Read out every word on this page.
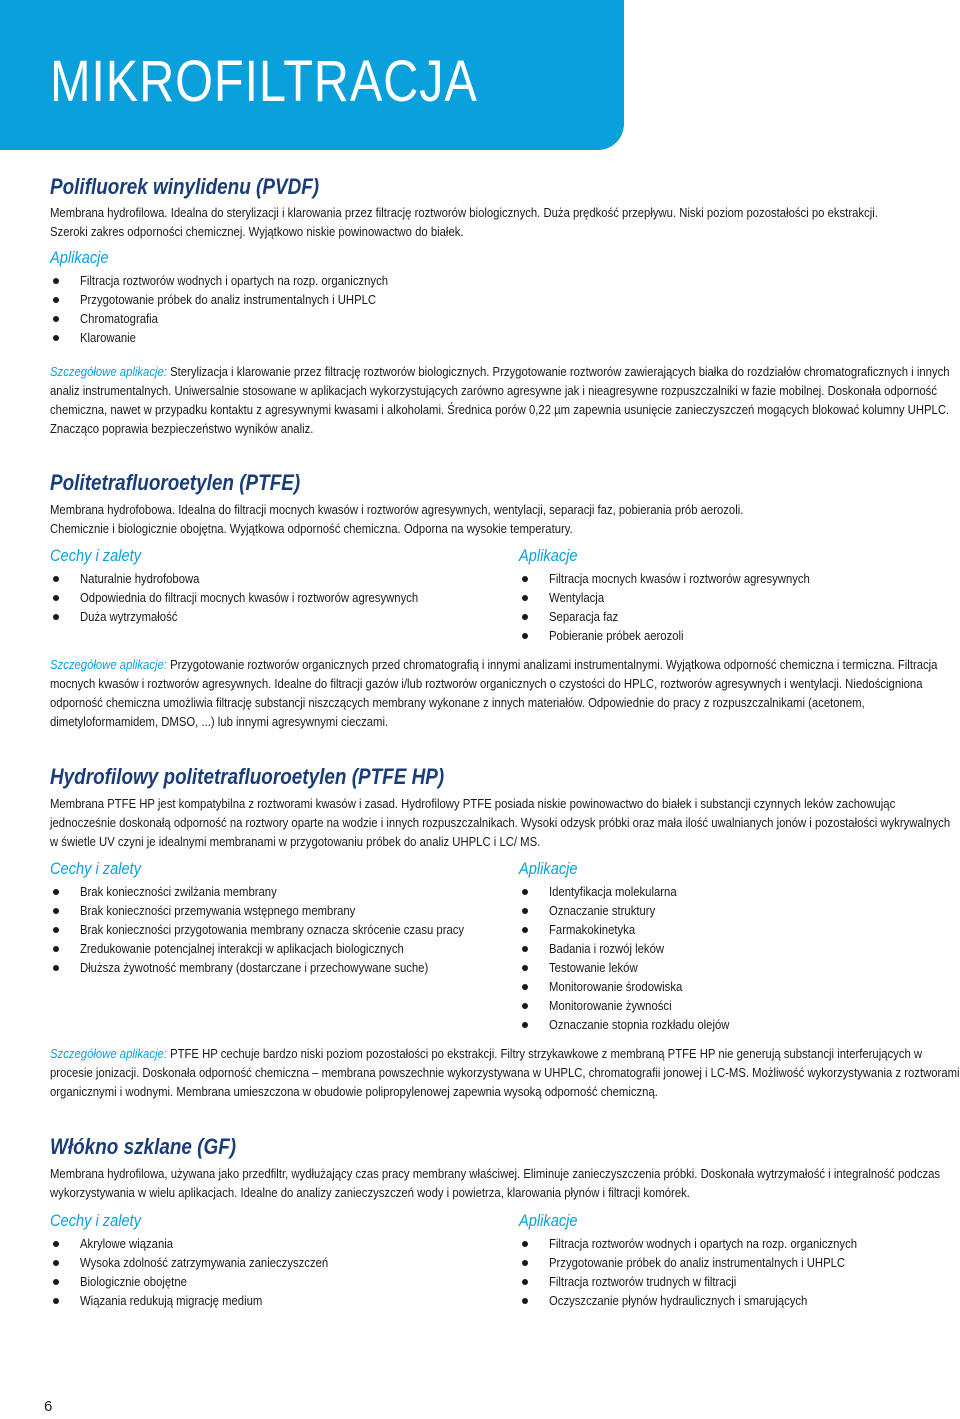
MIKROFILTRACJA
Polifluorek winylidenu (PVDF)
Membrana hydrofilowa. Idealna do sterylizacji i klarowania przez filtrację roztworów biologicznych. Duża prędkość przepływu. Niski poziom pozostałości po ekstrakcji.
Szeroki zakres odporności chemicznej. Wyjątkowo niskie powinowactwo do białek.
Aplikacje
Filtracja roztworów wodnych i opartych na rozp. organicznych
Przygotowanie próbek do analiz instrumentalnych i UHPLC
Chromatografia
Klarowanie
Szczegółowe aplikacje: Sterylizacja i klarowanie przez filtrację roztworów biologicznych. Przygotowanie roztworów zawierających białka do rozdziałów chromatograficznych i innych analiz instrumentalnych. Uniwersalnie stosowane w aplikacjach wykorzystujących zarówno agresywne jak i nieagresywne rozpuszczalniki w fazie mobilnej. Doskonała odporność chemiczna, nawet w przypadku kontaktu z agresywnymi kwasami i alkoholami. Średnica porów 0,22 µm zapewnia usunięcie zanieczyszczeń mogących blokować kolumny UHPLC. Znacząco poprawia bezpieczeństwo wyników analiz.
Politetrafluoroetylen (PTFE)
Membrana hydrofobowa. Idealna do filtracji mocnych kwasów i roztworów agresywnych, wentylacji, separacji faz, pobierania prób aerozoli.
Chemicznie i biologicznie obojętna. Wyjątkowa odporność chemiczna. Odporna na wysokie temperatury.
Cechy i zalety
Naturalnie hydrofobowa
Odpowiednia do filtracji mocnych kwasów i roztworów agresywnych
Duża wytrzymałość
Aplikacje
Filtracja mocnych kwasów i roztworów agresywnych
Wentylacja
Separacja faz
Pobieranie próbek aerozoli
Szczegółowe aplikacje: Przygotowanie roztworów organicznych przed chromatografią i innymi analizami instrumentalnymi. Wyjątkowa odporność chemiczna i termiczna. Filtracja mocnych kwasów i roztworów agresywnych. Idealne do filtracji gazów i/lub roztworów organicznych o czystości do HPLC, roztworów agresywnych i wentylacji. Niedościgniona odporność chemiczna umożliwia filtrację substancji niszczących membrany wykonane z innych materiałów. Odpowiednie do pracy z rozpuszczalnikami (acetonem, dimetyloformamidem, DMSO, ...) lub innymi agresywnymi cieczami.
Hydrofilowy politetrafluoroetylen (PTFE HP)
Membrana PTFE HP jest kompatybilna z roztworami kwasów i zasad. Hydrofilowy PTFE posiada niskie powinowactwo do białek i substancji czynnych leków zachowując jednocześnie doskonałą odporność na roztwory oparte na wodzie i innych rozpuszczalnikach. Wysoki odzysk próbki oraz mała ilość uwalnianych jonów i pozostałości wykrywalnych w świetle UV czyni je idealnymi membranami w przygotowaniu próbek do analiz UHPLC i LC/ MS.
Cechy i zalety
Brak konieczności zwilżania membrany
Brak konieczności przemywania wstępnego membrany
Brak konieczności przygotowania membrany oznacza skrócenie czasu pracy
Zredukowanie potencjalnej interakcji w aplikacjach biologicznych
Dłuższa żywotność membrany (dostarczane i przechowywane suche)
Aplikacje
Identyfikacja molekularna
Oznaczanie struktury
Farmakokinetyka
Badania i rozwój leków
Testowanie leków
Monitorowanie środowiska
Monitorowanie żywności
Oznaczanie stopnia rozkładu olejów
Szczegółowe aplikacje: PTFE HP cechuje bardzo niski poziom pozostałości po ekstrakcji. Filtry strzykawkowe z membraną PTFE HP nie generują substancji interferujących w procesie jonizacji. Doskonała odporność chemiczna – membrana powszechnie wykorzystywana w UHPLC, chromatografii jonowej i LC-MS. Możliwość wykorzystywania z roztworami organicznymi i wodnymi. Membrana umieszczona w obudowie polipropylenowej zapewnia wysoką odporność chemiczną.
Włókno szklane (GF)
Membrana hydrofilowa, używana jako przedfiltr, wydłużający czas pracy membrany właściwej. Eliminuje zanieczyszczenia próbki. Doskonała wytrzymałość i integralność podczas wykorzystywania w wielu aplikacjach. Idealne do analizy zanieczyszczeń wody i powietrza, klarowania płynów i filtracji komórek.
Cechy i zalety
Akrylowe wiązania
Wysoka zdolność zatrzymywania zanieczyszczeń
Biologicznie obojętne
Wiązania redukują migrację medium
Aplikacje
Filtracja roztworów wodnych i opartych na rozp. organicznych
Przygotowanie próbek do analiz instrumentalnych i UHPLC
Filtracja roztworów trudnych w filtracji
Oczyszczanie płynów hydraulicznych i smarujących
6
